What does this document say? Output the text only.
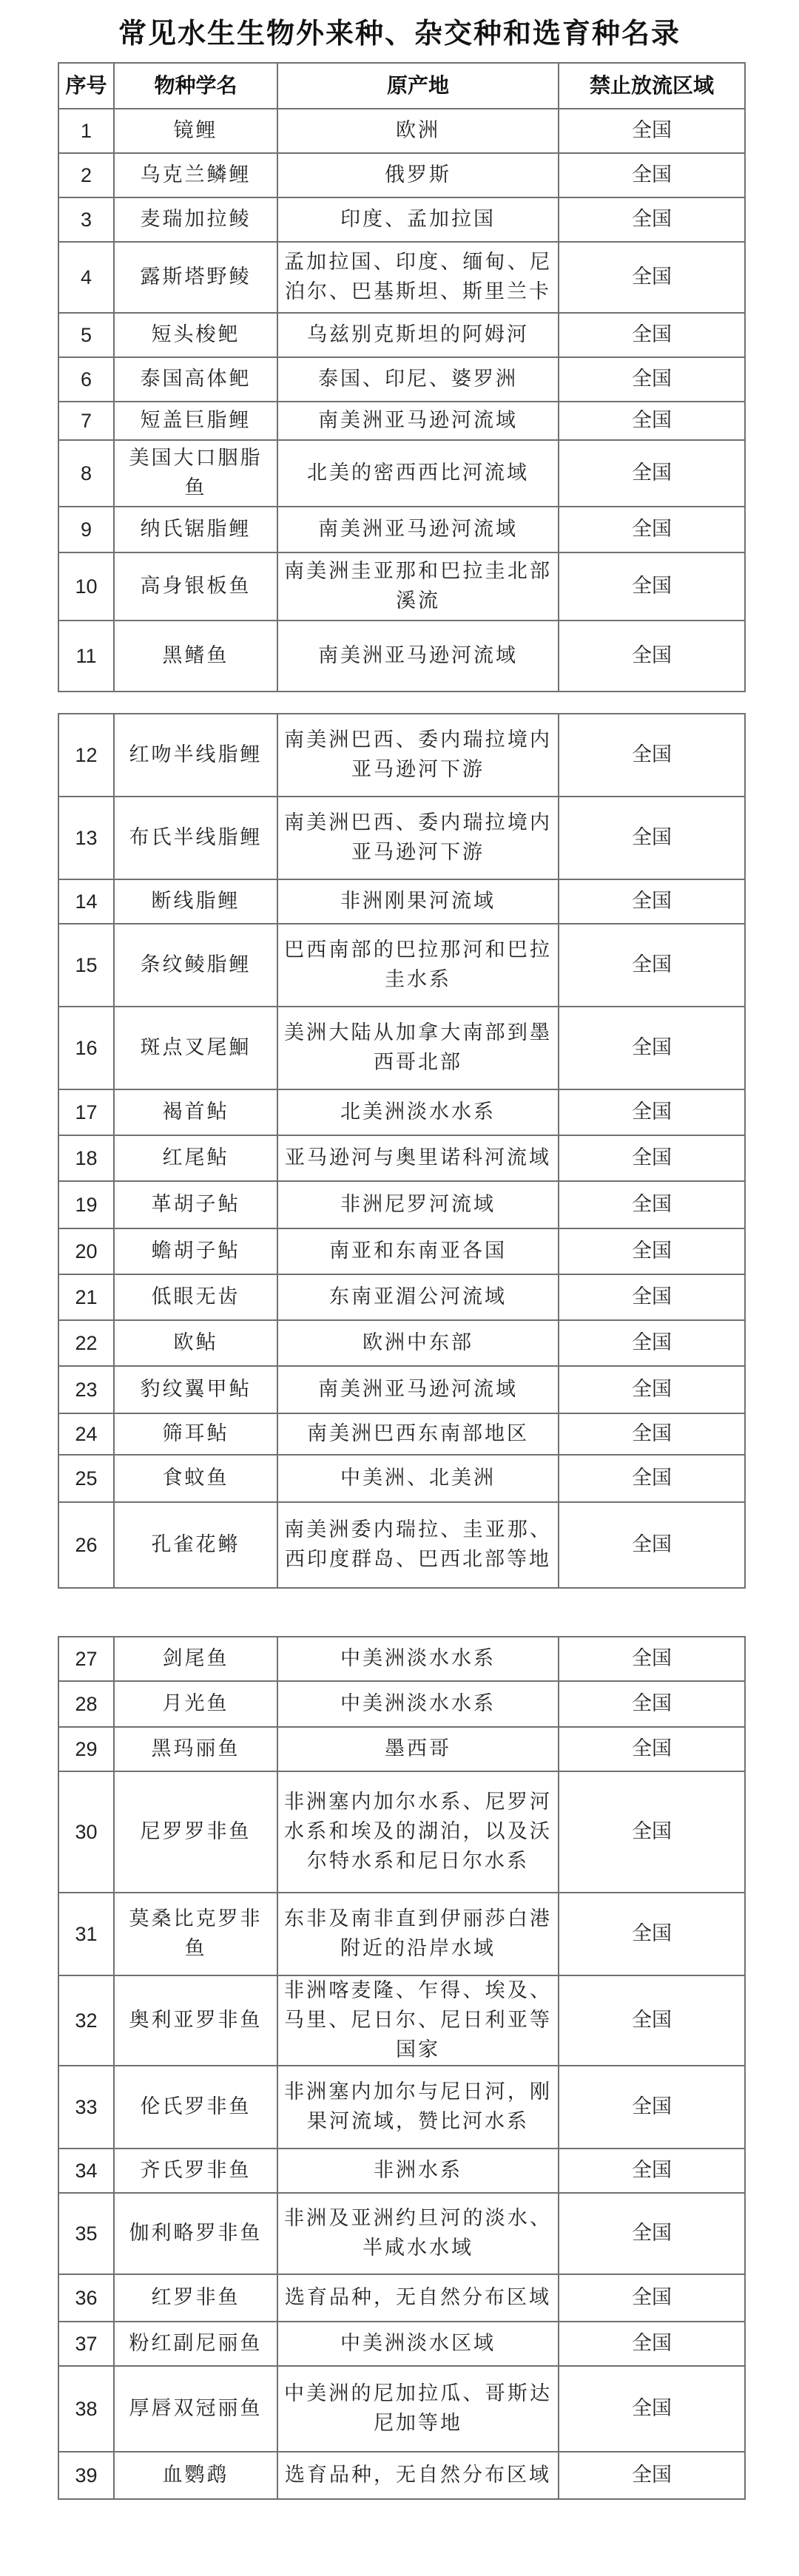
常见水生生物外来种、杂交种和选育种名录
序号	物种学名	原产地	禁止放流区域
1	镜鲤	欧洲	全国
2	乌克兰鳞鲤	俄罗斯	全国
3	麦瑞加拉鲮	印度、孟加拉国	全国
4	露斯塔野鲮	孟加拉国、印度、缅甸、尼泊尔、巴基斯坦、斯里兰卡	全国
5	短头梭鲃	乌兹别克斯坦的阿姆河	全国
6	泰国高体鲃	泰国、印尼、婆罗洲	全国
7	短盖巨脂鲤	南美洲亚马逊河流域	全国
8	美国大口胭脂鱼	北美的密西西比河流域	全国
9	纳氏锯脂鲤	南美洲亚马逊河流域	全国
10	高身银板鱼	南美洲圭亚那和巴拉圭北部溪流	全国
11	黑鳍鱼	南美洲亚马逊河流域	全国
12	红吻半线脂鲤	南美洲巴西、委内瑞拉境内亚马逊河下游	全国
13	布氏半线脂鲤	南美洲巴西、委内瑞拉境内亚马逊河下游	全国
14	断线脂鲤	非洲刚果河流域	全国
15	条纹鲮脂鲤	巴西南部的巴拉那河和巴拉圭水系	全国
16	斑点叉尾鮰	美洲大陆从加拿大南部到墨西哥北部	全国
17	褐首鲇	北美洲淡水水系	全国
18	红尾鲇	亚马逊河与奥里诺科河流域	全国
19	革胡子鲇	非洲尼罗河流域	全国
20	蟾胡子鲇	南亚和东南亚各国	全国
21	低眼无齿	东南亚湄公河流域	全国
22	欧鲇	欧洲中东部	全国
23	豹纹翼甲鲇	南美洲亚马逊河流域	全国
24	筛耳鲇	南美洲巴西东南部地区	全国
25	食蚊鱼	中美洲、北美洲	全国
26	孔雀花鳉	南美洲委内瑞拉、圭亚那、西印度群岛、巴西北部等地	全国
27	剑尾鱼	中美洲淡水水系	全国
28	月光鱼	中美洲淡水水系	全国
29	黑玛丽鱼	墨西哥	全国
30	尼罗罗非鱼	非洲塞内加尔水系、尼罗河水系和埃及的湖泊，以及沃尔特水系和尼日尔水系	全国
31	莫桑比克罗非鱼	东非及南非直到伊丽莎白港附近的沿岸水域	全国
32	奥利亚罗非鱼	非洲喀麦隆、乍得、埃及、马里、尼日尔、尼日利亚等国家	全国
33	伦氏罗非鱼	非洲塞内加尔与尼日河，刚果河流域，赞比河水系	全国
34	齐氏罗非鱼	非洲水系	全国
35	伽利略罗非鱼	非洲及亚洲约旦河的淡水、半咸水水域	全国
36	红罗非鱼	选育品种，无自然分布区域	全国
37	粉红副尼丽鱼	中美洲淡水区域	全国
38	厚唇双冠丽鱼	中美洲的尼加拉瓜、哥斯达尼加等地	全国
39	血鹦鹉	选育品种，无自然分布区域	全国
